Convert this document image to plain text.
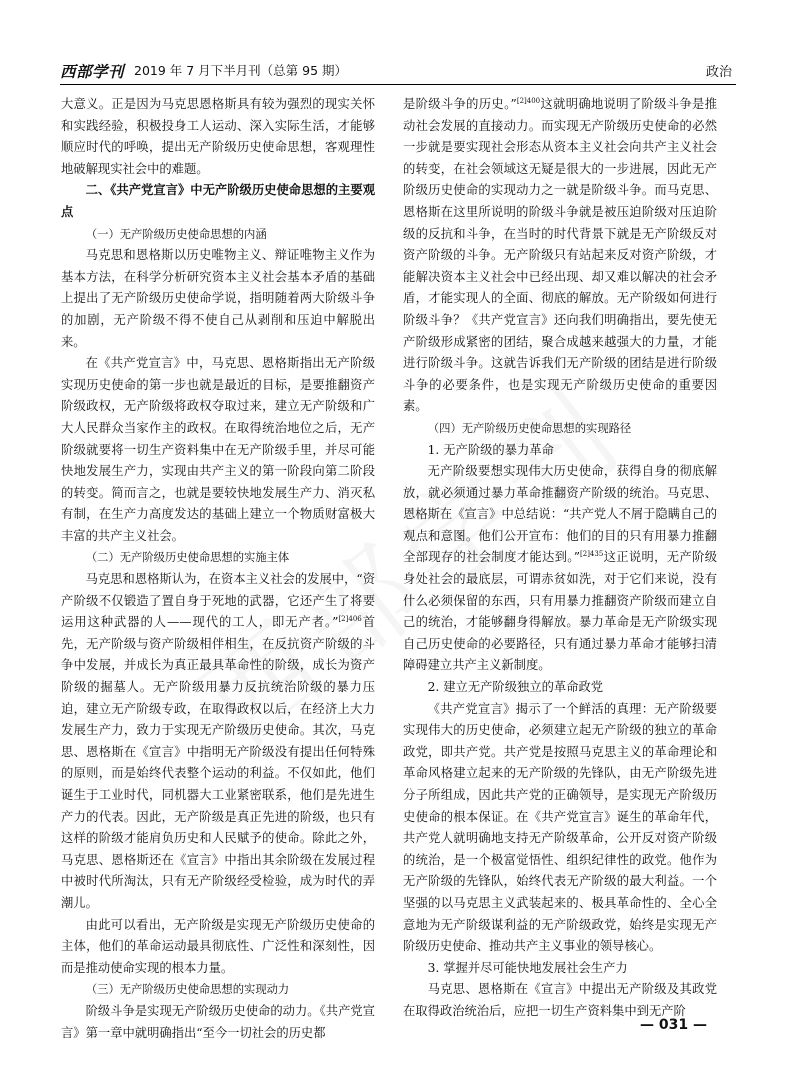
西部学刊 2019 年 7 月下半月刊（总第 95 期）	政治

大意义。正是因为马克思恩格斯具有较为强烈的现实关怀和实践经验，积极投身工人运动、深入实际生活，才能够顺应时代的呼唤，提出无产阶级历史使命思想，客观理性地破解现实社会中的难题。

二、《共产党宣言》中无产阶级历史使命思想的主要观点
（一）无产阶级历史使命思想的内涵

马克思和恩格斯以历史唯物主义、辩证唯物主义作为基本方法，在科学分析研究资本主义社会基本矛盾的基础上提出了无产阶级历史使命学说，指明随着两大阶级斗争的加剧，无产阶级不得不使自己从剥削和压迫中解脱出来。

在《共产党宣言》中，马克思、恩格斯指出无产阶级实现历史使命的第一步也就是最近的目标，是要推翻资产阶级政权，无产阶级将政权夺取过来，建立无产阶级和广大人民群众当家作主的政权。在取得统治地位之后，无产阶级就要将一切生产资料集中在无产阶级手里，并尽可能快地发展生产力，实现由共产主义的第一阶段向第二阶段的转变。简而言之，也就是要较快地发展生产力、消灭私有制，在生产力高度发达的基础上建立一个物质财富极大丰富的共产主义社会。

（二）无产阶级历史使命思想的实施主体

马克思和恩格斯认为，在资本主义社会的发展中，“资产阶级不仅锻造了置自身于死地的武器，它还产生了将要运用这种武器的人——现代的工人，即无产者。”$^{[2]406}$首先，无产阶级与资产阶级相伴相生，在反抗资产阶级的斗争中发展，并成长为真正最具革命性的阶级，成长为资产阶级的掘墓人。无产阶级用暴力反抗统治阶级的暴力压迫，建立无产阶级专政，在取得政权以后，在经济上大力发展生产力，致力于实现无产阶级历史使命。其次，马克思、恩格斯在《宣言》中指明无产阶级没有提出任何特殊的原则，而是始终代表整个运动的利益。不仅如此，他们诞生于工业时代，同机器大工业紧密联系，他们是先进生产力的代表。因此，无产阶级是真正先进的阶级，也只有这样的阶级才能肩负历史和人民赋予的使命。除此之外，马克思、恩格斯还在《宣言》中指出其余阶级在发展过程中被时代所淘汰，只有无产阶级经受检验，成为时代的弄潮儿。

由此可以看出，无产阶级是实现无产阶级历史使命的主体，他们的革命运动最具彻底性、广泛性和深刻性，因而是推动使命实现的根本力量。

（三）无产阶级历史使命思想的实现动力

阶级斗争是实现无产阶级历史使命的动力。《共产党宣言》第一章中就明确指出“至今一切社会的历史都

是阶级斗争的历史。”$^{[2]400}$这就明确地说明了阶级斗争是推动社会发展的直接动力。而实现无产阶级历史使命的必然一步就是要实现社会形态从资本主义社会向共产主义社会的转变，在社会领域这无疑是很大的一步进展，因此无产阶级历史使命的实现动力之一就是阶级斗争。而马克思、恩格斯在这里所说明的阶级斗争就是被压迫阶级对压迫阶级的反抗和斗争，在当时的时代背景下就是无产阶级反对资产阶级的斗争。无产阶级只有站起来反对资产阶级，才能解决资本主义社会中已经出现、却又难以解决的社会矛盾，才能实现人的全面、彻底的解放。无产阶级如何进行阶级斗争？《共产党宣言》还向我们明确指出，要先使无产阶级形成紧密的团结，聚合成越来越强大的力量，才能进行阶级斗争。这就告诉我们无产阶级的团结是进行阶级斗争的必要条件，也是实现无产阶级历史使命的重要因素。

（四）无产阶级历史使命思想的实现路径
1. 无产阶级的暴力革命

无产阶级要想实现伟大历史使命，获得自身的彻底解放，就必须通过暴力革命推翻资产阶级的统治。马克思、恩格斯在《宣言》中总结说：“共产党人不屑于隐瞒自己的观点和意图。他们公开宣布：他们的目的只有用暴力推翻全部现存的社会制度才能达到。”$^{[2]435}$这正说明，无产阶级身处社会的最底层，可谓赤贫如洗，对于它们来说，没有什么必须保留的东西，只有用暴力推翻资产阶级而建立自己的统治，才能够翻身得解放。暴力革命是无产阶级实现自己历史使命的必要路径，只有通过暴力革命才能够扫清障碍建立共产主义新制度。

2. 建立无产阶级独立的革命政党

《共产党宣言》揭示了一个鲜活的真理：无产阶级要实现伟大的历史使命，必须建立起无产阶级的独立的革命政党，即共产党。共产党是按照马克思主义的革命理论和革命风格建立起来的无产阶级的先锋队，由无产阶级先进分子所组成，因此共产党的正确领导，是实现无产阶级历史使命的根本保证。在《共产党宣言》诞生的革命年代，共产党人就明确地支持无产阶级革命，公开反对资产阶级的统治，是一个极富觉悟性、组织纪律性的政党。他作为无产阶级的先锋队，始终代表无产阶级的最大利益。一个坚强的以马克思主义武装起来的、极具革命性的、全心全意地为无产阶级谋利益的无产阶级政党，始终是实现无产阶级历史使命、推动共产主义事业的领导核心。

3. 掌握并尽可能快地发展社会生产力

马克思、恩格斯在《宣言》中提出无产阶级及其政党在取得政治统治后，应把一切生产资料集中到无产阶

— 031 —
